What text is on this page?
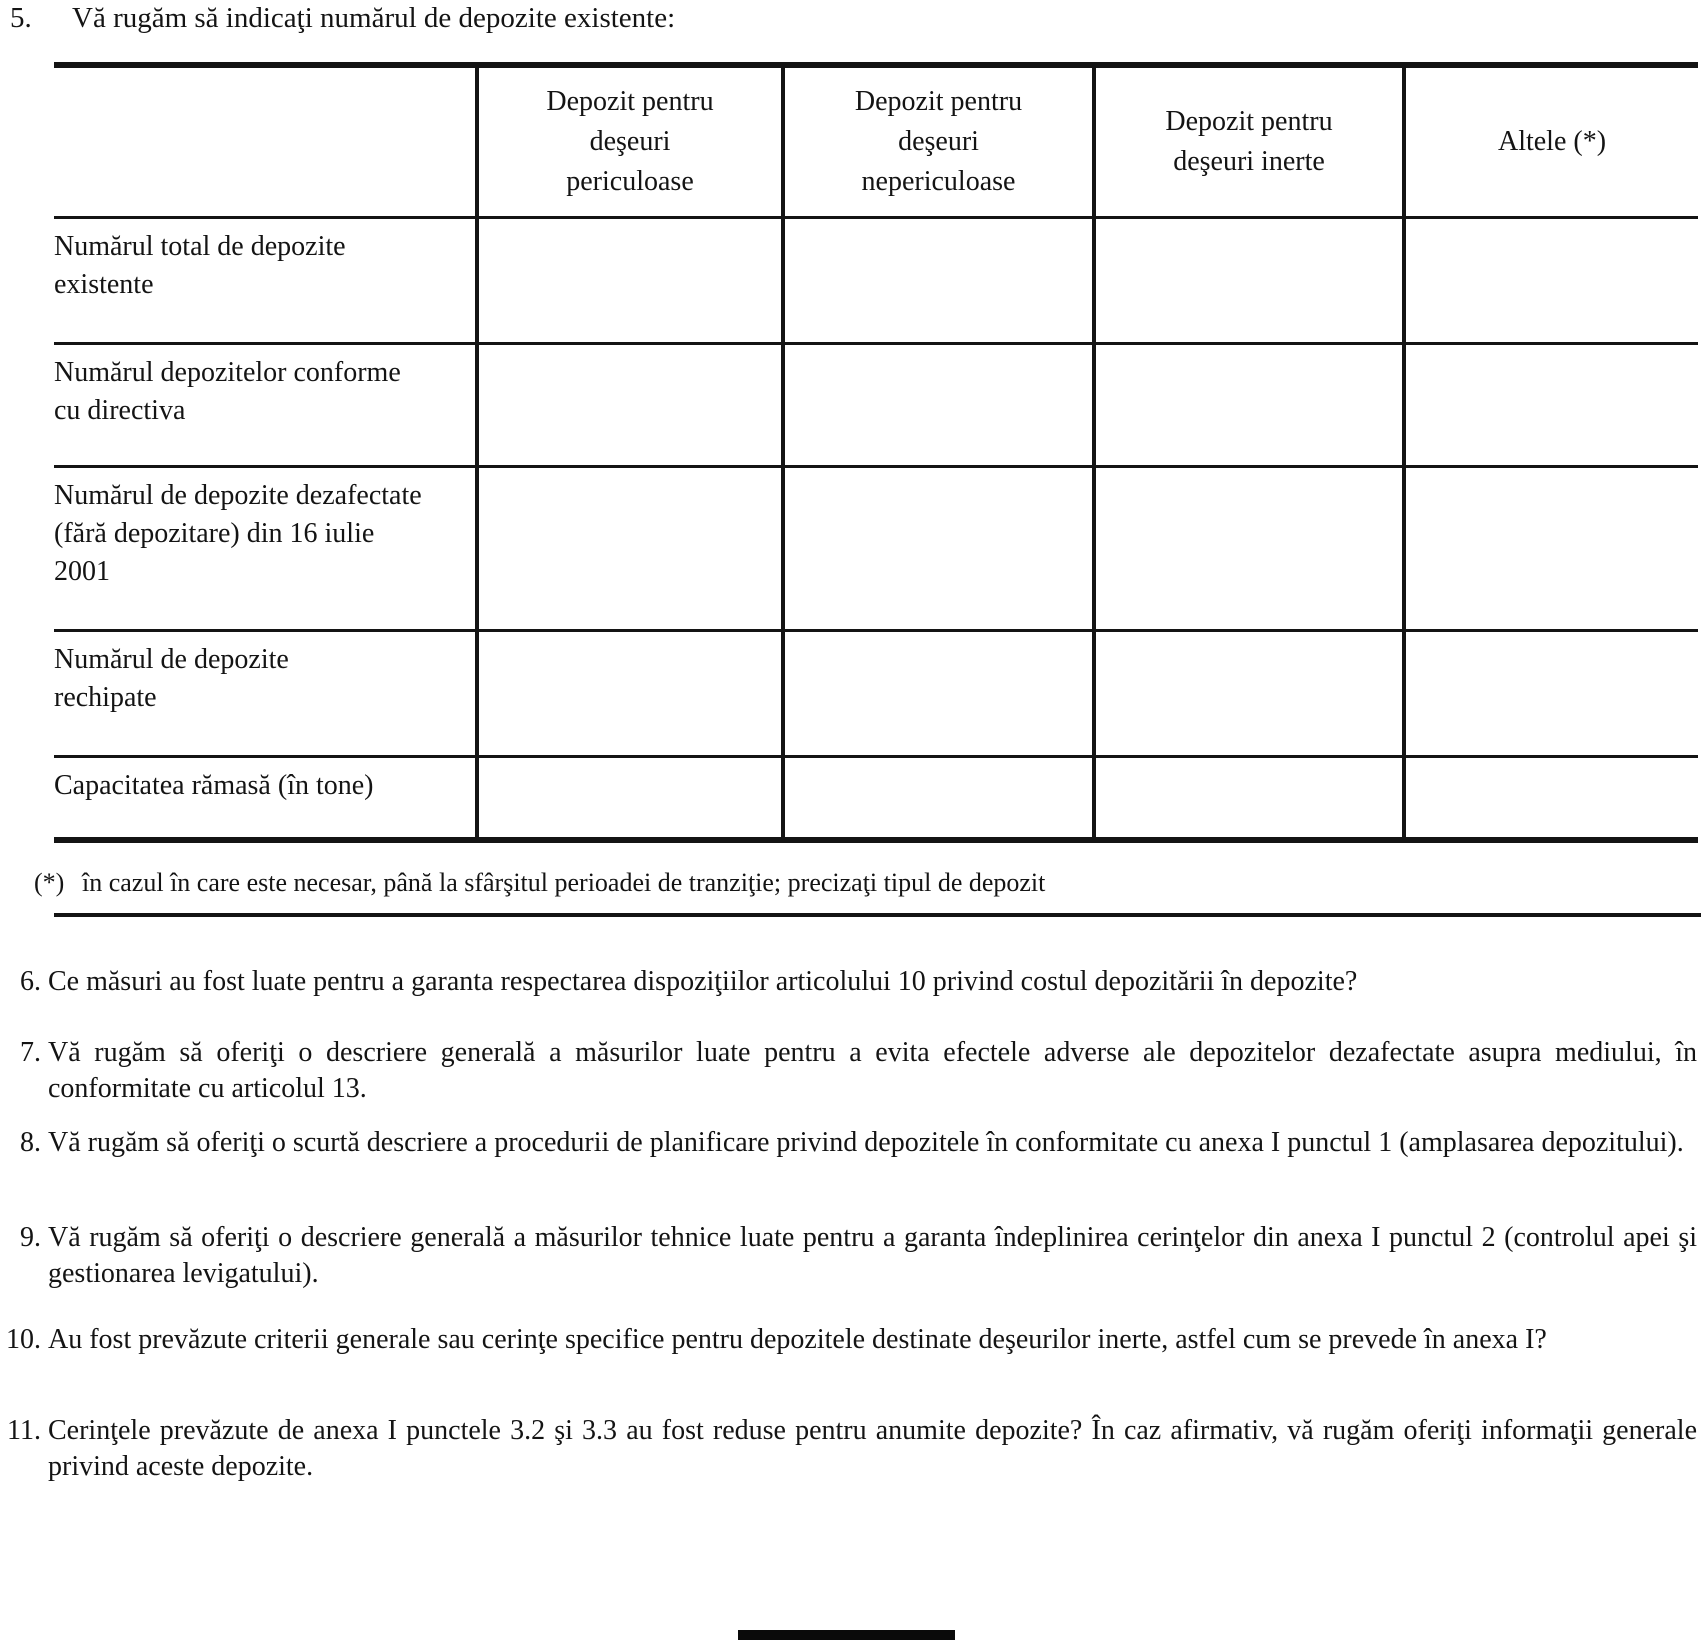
5. Vă rugăm să indicaţi numărul de depozite existente:
Depozit pentru
deşeuri
periculoase
Depozit pentru
deşeuri
nepericuloase
Depozit pentru
deşeuri inerte
Altele (*)
Numărul total de depozite
existente
Numărul depozitelor conforme
cu directiva
Numărul de depozite dezafectate
(fără depozitare) din 16 iulie
2001
Numărul de depozite
rechipate
Capacitatea rămasă (în tone)
(*) în cazul în care este necesar, până la sfârşitul perioadei de tranziţie; precizaţi tipul de depozit
6. Ce măsuri au fost luate pentru a garanta respectarea dispoziţiilor articolului 10 privind costul depozitării în depozite?
7. Vă rugăm să oferiţi o descriere generală a măsurilor luate pentru a evita efectele adverse ale depozitelor dezafectate asupra mediului, în conformitate cu articolul 13.
8. Vă rugăm să oferiţi o scurtă descriere a procedurii de planificare privind depozitele în conformitate cu anexa I punctul 1 (amplasarea depozitului).
9. Vă rugăm să oferiţi o descriere generală a măsurilor tehnice luate pentru a garanta îndeplinirea cerinţelor din anexa I punctul 2 (controlul apei şi gestionarea levigatului).
10. Au fost prevăzute criterii generale sau cerinţe specifice pentru depozitele destinate deşeurilor inerte, astfel cum se prevede în anexa I?
11. Cerinţele prevăzute de anexa I punctele 3.2 şi 3.3 au fost reduse pentru anumite depozite? În caz afirmativ, vă rugăm oferiţi informaţii generale privind aceste depozite.
